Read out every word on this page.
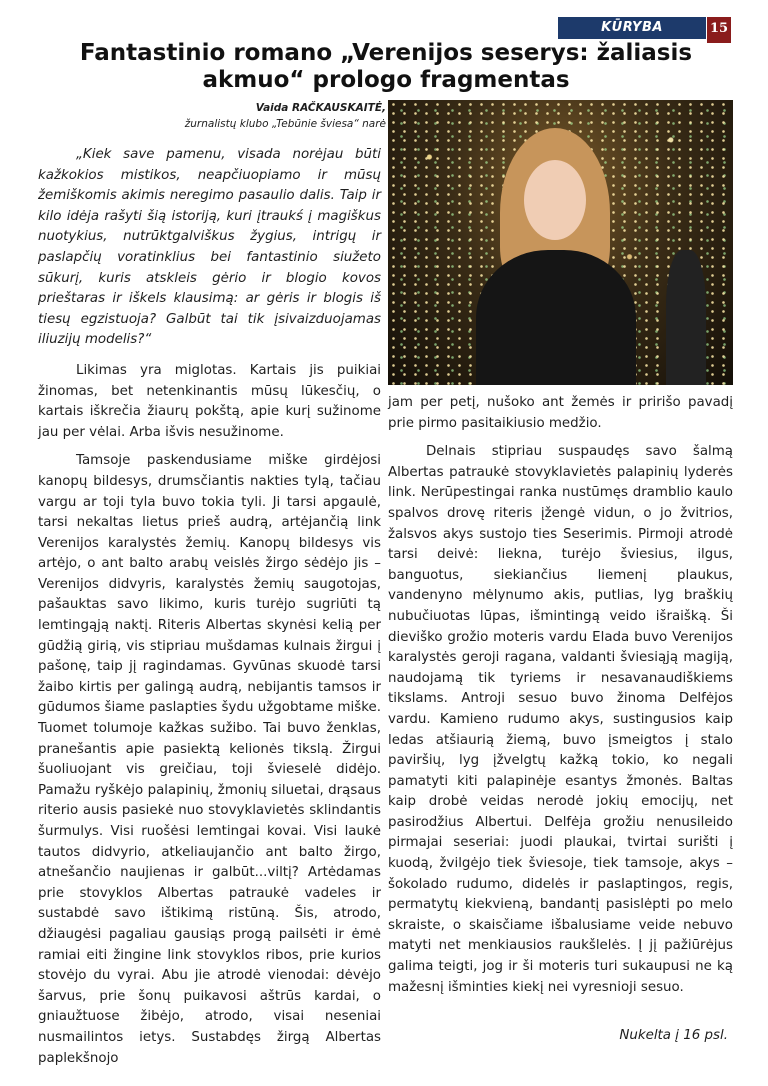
KŪRYBA	15
Fantastinio romano „Verenijos seserys: žaliasis akmuo“ prologo fragmentas
Vaida RAČKAUSKAITĖ,
žurnalistų klubo „Tebūnie šviesa“ narė

„Kiek save pamenu, visada norėjau būti kažkokios mistikos, neapčiuopiamo ir mūsų žemiškomis akimis neregimo pasaulio dalis. Taip ir kilo idėja rašyti šią istoriją, kuri įtraukś į magiškus nuotykius, nutrūktgalviškus žygius, intrigų ir paslapčių voratinklius bei fantastinio siužeto sūkurį, kuris atskleis gėrio ir blogio kovos prieštaras ir iškels klausimą: ar gėris ir blogis iš tiesų egzistuoja? Galbūt tai tik įsivaizduojamas iliuzijų modelis?“

Likimas yra miglotas. Kartais jis puikiai žinomas, bet netenkinantis mūsų lūkesčių, o kartais iškrečia žiaurų pokštą, apie kurį sužinome jau per vėlai. Arba išvis nesužinome.

Tamsoje paskendusiame miške girdėjosi kanopų bildesys, drumsčiantis nakties tylą, tačiau vargu ar toji tyla buvo tokia tyli. Ji tarsi apgaulė, tarsi nekaltas lietus prieš audrą, artėjančią link Verenijos karalystės žemių. Kanopų bildesys vis artėjo, o ant balto arabų veislės žirgo sėdėjo jis – Verenijos didvyris, karalystės žemių saugotojas, pašauktas savo likimo, kuris turėjo sugriūti tą lemtingąją naktį. Riteris Albertas skynėsi kelią per gūdžią girią, vis stipriau mušdamas kulnais žirgui į pašonę, taip jį ragindamas. Gyvūnas skuodė tarsi žaibo kirtis per galingą audrą, nebijantis tamsos ir gūdumos šiame paslapties šydu užgobtame miške. Tuomet tolumoje kažkas sužibo. Tai buvo ženklas, pranešantis apie pasiektą kelionės tikslą. Žirgui šuoliuojant vis greičiau, toji švieselė didėjo. Pamažu ryškėjo palapinių, žmonių siluetai, drąsaus riterio ausis pasiekė nuo stovyklavietės sklindantis šurmulys. Visi ruošėsi lemtingai kovai. Visi laukė tautos didvyrio, atkeliaujančio ant balto žirgo, atnešančio naujienas ir galbūt...viltį? Artėdamas prie stovyklos Albertas patraukė vadeles ir sustabdė savo ištikimą ristūną. Šis, atrodo, džiaugėsi pagaliau gausiąs progą pailsėti ir ėmė ramiai eiti žingine link stovyklos ribos, prie kurios stovėjo du vyrai. Abu jie atrodė vienodai: dėvėjo šarvus, prie šonų puikavosi aštrūs kardai, o gniaužtuose žibėjo, atrodo, visai neseniai nusmailintos ietys. Sustabdęs žirgą Albertas paplekšnojo

jam per petį, nušoko ant žemės ir pririšo pavadį prie pirmo pasitaikiusio medžio.

Delnais stipriau suspaudęs savo šalmą Albertas patraukė stovyklavietės palapinių lyderės link. Nerūpestingai ranka nustūmęs dramblio kaulo spalvos drovę riteris įžengė vidun, o jo žvitrios, žalsvos akys sustojo ties Seserimis. Pirmoji atrodė tarsi deivė: liekna, turėjo šviesius, ilgus, banguotus, siekiančius liemenį plaukus, vandenyno mėlynumo akis, putlias, lyg braškių nubučiuotas lūpas, išmintingą veido išraišką. Ši dieviško grožio moteris vardu Elada buvo Verenijos karalystės geroji ragana, valdanti šviesiąją magiją, naudojamą tik tyriems ir nesavanaudiškiems tikslams. Antroji sesuo buvo žinoma Delfėjos vardu. Kamieno rudumo akys, sustingusios kaip ledas atšiaurią žiemą, buvo įsmeigtos į stalo paviršių, lyg įžvelgtų kažką tokio, ko negali pamatyti kiti palapinėje esantys žmonės. Baltas kaip drobė veidas nerodė jokių emocijų, net pasirodžius Albertui. Delfėja grožiu nenusileido pirmajai seseriai: juodi plaukai, tvirtai surišti į kuodą, žvilgėjo tiek šviesoje, tiek tamsoje, akys – šokolado rudumo, didelės ir paslaptingos, regis, permatytų kiekvieną, bandantį pasislėpti po melo skraiste, o skaisčiame išbalusiame veide nebuvo matyti net menkiausios raukšlelės. Į jį pažiūrėjus galima teigti, jog ir ši moteris turi sukaupusi ne ką mažesnį išminties kiekį nei vyresnioji sesuo.

Nukelta į 16 psl.
